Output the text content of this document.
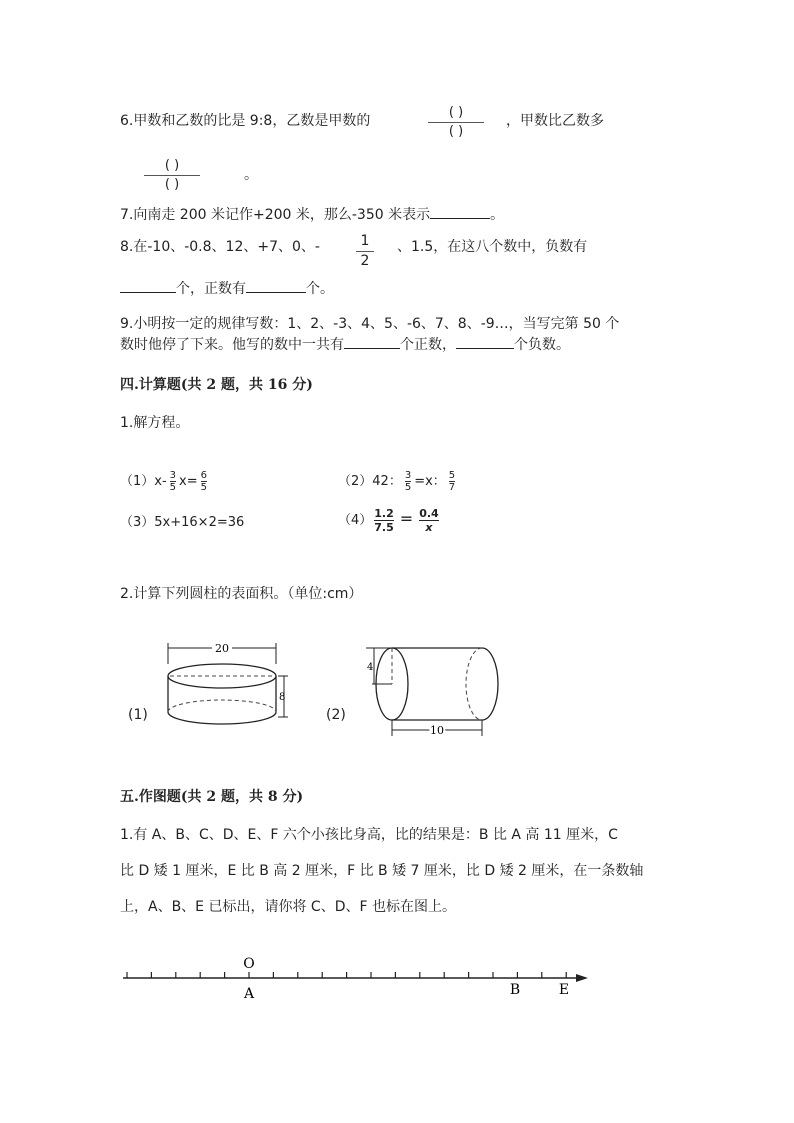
6.甲数和乙数的比是 9:8，乙数是甲数的
( )
( )
，甲数比乙数多
( )
( )
。
7.向南走 200 米记作+200 米，那么-350 米表示	。
8.在-10、-0.8、12、+7、0、-	1
2
、1.5，在这八个数中，负数有
个，正数有	个。
9.小明按一定的规律写数：1、2、-3、4、5、-6、7、8、-9…，当写完第 50 个
数时他停了下来。他写的数中一共有	个正数，	个负数。
四.计算题(共 2 题，共 16 分)
1.解方程。
$(1)x- \frac{3}{5} x= \frac{6}{5}$	（2）42： $\frac{3}{5} =x$： $\frac{5}{7}$
（3）5x+16×2=36	$(4) \frac{1.2}{7.5} = \frac{0.4}{x}$
2.计算下列圆柱的表面积。（单位:cm）
(1)
20
8
(2)
4
10
五.作图题(共 2 题，共 8 分)
1.有 A、B、C、D、E、F 六个小孩比身高，比的结果是：B 比 A 高 11 厘米，C
比 D 矮 1 厘米，E 比 B 高 2 厘米，F 比 B 矮 7 厘米，比 D 矮 2 厘米，在一条数轴
上，A、B、E 已标出，请你将 C、D、F 也标在图上。
O
A	B	E
